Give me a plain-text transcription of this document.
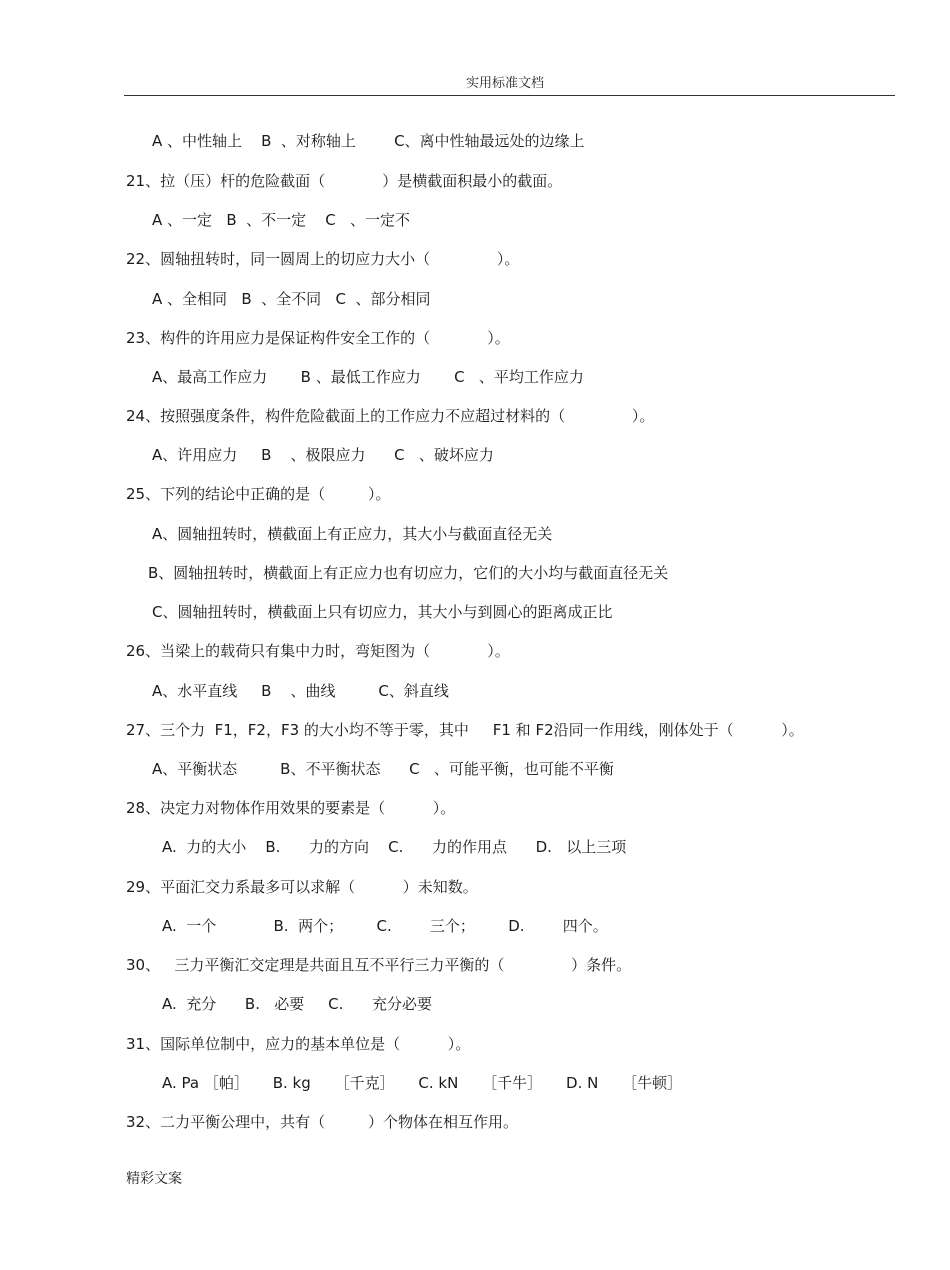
实用标准文档
A 、中性轴上    B  、对称轴上        C、离中性轴最远处的边缘上
21、拉（压）杆的危险截面（            ）是横截面积最小的截面。
A 、一定   B  、不一定    C   、一定不
22、圆轴扭转时，同一圆周上的切应力大小（              ）。
A 、全相同   B  、全不同   C  、部分相同
23、构件的许用应力是保证构件安全工作的（            ）。
A、最高工作应力       B 、最低工作应力       C   、平均工作应力
24、按照强度条件，构件危险截面上的工作应力不应超过材料的（              ）。
A、许用应力     B    、极限应力      C   、破坏应力
25、下列的结论中正确的是（         ）。
A、圆轴扭转时，横截面上有正应力，其大小与截面直径无关
B、圆轴扭转时，横截面上有正应力也有切应力，它们的大小均与截面直径无关
C、圆轴扭转时，横截面上只有切应力，其大小与到圆心的距离成正比
26、当梁上的载荷只有集中力时，弯矩图为（            ）。
A、水平直线     B    、曲线         C、斜直线
27、三个力  F1，F2，F3 的大小均不等于零，其中     F1 和 F2沿同一作用线，刚体处于（          ）。
A、平衡状态         B、不平衡状态      C   、可能平衡，也可能不平衡
28、决定力对物体作用效果的要素是（          ）。
A.  力的大小    B.      力的方向    C.      力的作用点      D.   以上三项
29、平面汇交力系最多可以求解（          ）未知数。
A.  一个            B.  两个；       C.        三个；       D.        四个。
30、   三力平衡汇交定理是共面且互不平行三力平衡的（              ）条件。
A.  充分      B.   必要     C.      充分必要
31、国际单位制中，应力的基本单位是（          ）。
A. Pa ［帕］     B. kg     ［千克］     C. kN     ［千牛］     D. N     ［牛顿］
32、二力平衡公理中，共有（         ）个物体在相互作用。
精彩文案
